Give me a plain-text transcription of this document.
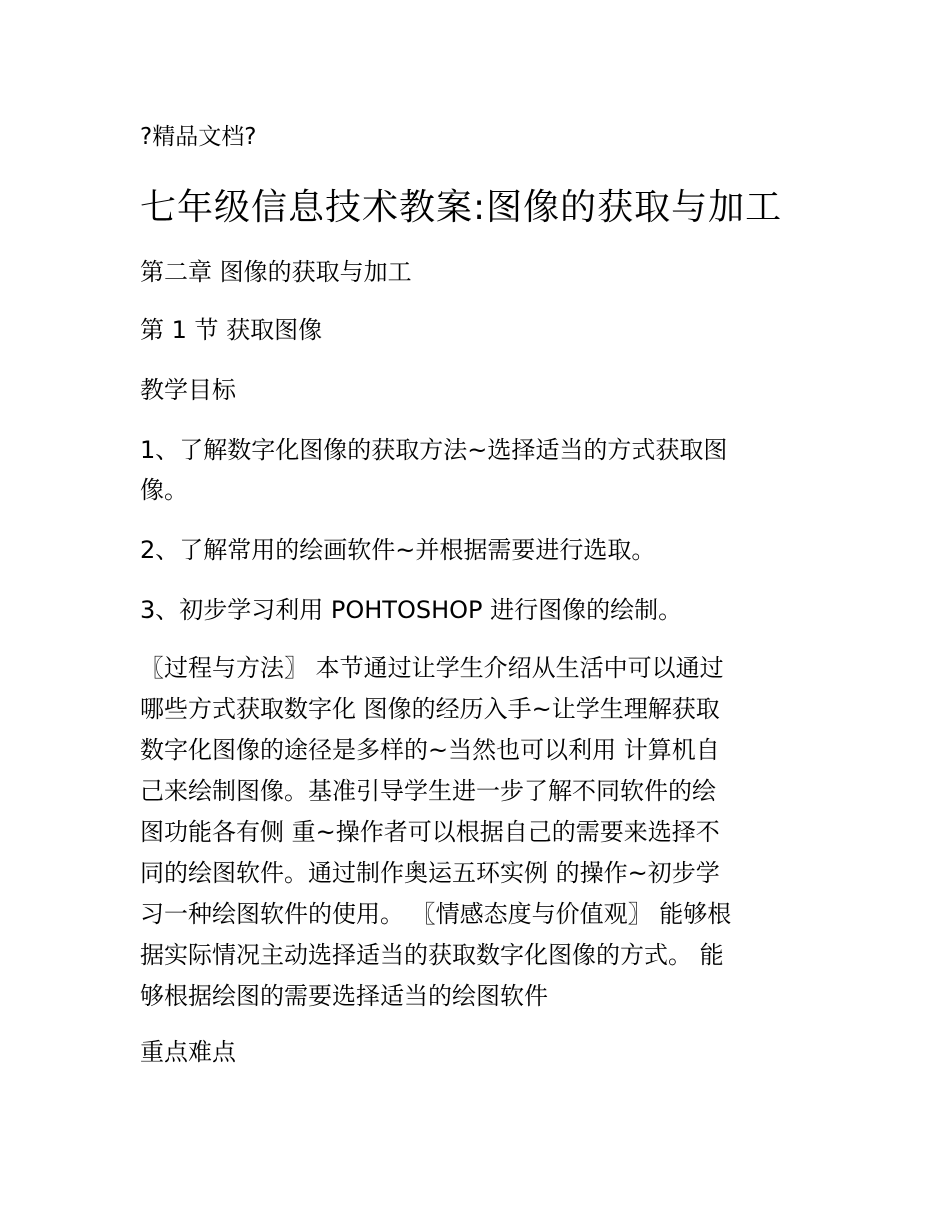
?精品文档?
七年级信息技术教案:图像的获取与加工
第二章 图像的获取与加工
第 1 节 获取图像
教学目标
1、了解数字化图像的获取方法~选择适当的方式获取图
像。
2、了解常用的绘画软件~并根据需要进行选取。
3、初步学习利用 POHTOSHOP 进行图像的绘制。

〖过程与方法〗 本节通过让学生介绍从生活中可以通过
哪些方式获取数字化 图像的经历入手~让学生理解获取
数字化图像的途径是多样的~当然也可以利用 计算机自
己来绘制图像。基准引导学生进一步了解不同软件的绘
图功能各有侧 重~操作者可以根据自己的需要来选择不
同的绘图软件。通过制作奥运五环实例 的操作~初步学
习一种绘图软件的使用。 〖情感态度与价值观〗 能够根
据实际情况主动选择适当的获取数字化图像的方式。 能
够根据绘图的需要选择适当的绘图软件

重点难点
